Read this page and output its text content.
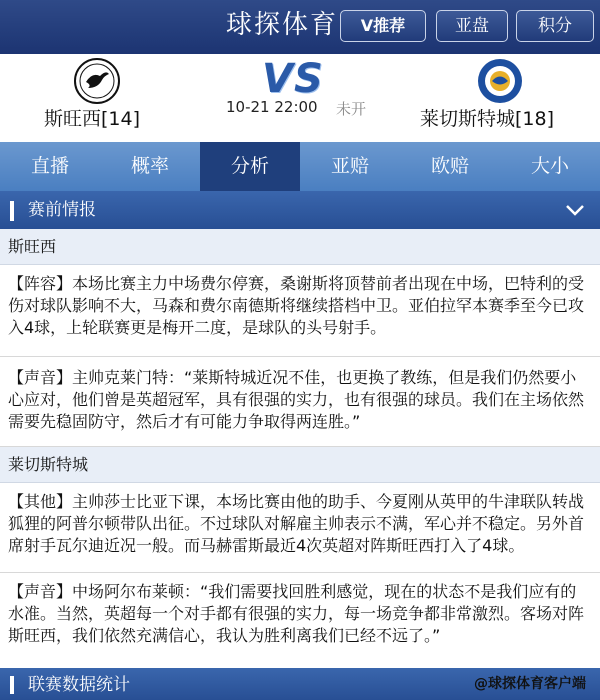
球探体育	V推荐	亚盘	积分
VS
10-21 22:00 未开
斯旺西[14]	莱切斯特城[18]
直播	概率	分析	亚赔	欧赔	大小
赛前情报
斯旺西
【阵容】本场比赛主力中场费尔停赛，桑谢斯将顶替前者出现在中场，巴特利的受伤对球队影响不大，马森和费尔南德斯将继续搭档中卫。亚伯拉罕本赛季至今已攻入4球，上轮联赛更是梅开二度，是球队的头号射手。
【声音】主帅克莱门特：“莱斯特城近况不佳，也更换了教练，但是我们仍然要小心应对，他们曾是英超冠军，具有很强的实力，也有很强的球员。我们在主场依然需要先稳固防守，然后才有可能力争取得两连胜。”
莱切斯特城
【其他】主帅莎士比亚下课，本场比赛由他的助手、今夏刚从英甲的牛津联队转战狐狸的阿普尔顿带队出征。不过球队对解雇主帅表示不满，军心并不稳定。另外首席射手瓦尔迪近况一般。而马赫雷斯最近4次英超对阵斯旺西打入了4球。
【声音】中场阿尔布莱顿：“我们需要找回胜利感觉，现在的状态不是我们应有的水准。当然，英超每一个对手都有很强的实力，每一场竞争都非常激烈。客场对阵斯旺西，我们依然充满信心，我认为胜利离我们已经不远了。”
联赛数据统计	@球探体育客户端
